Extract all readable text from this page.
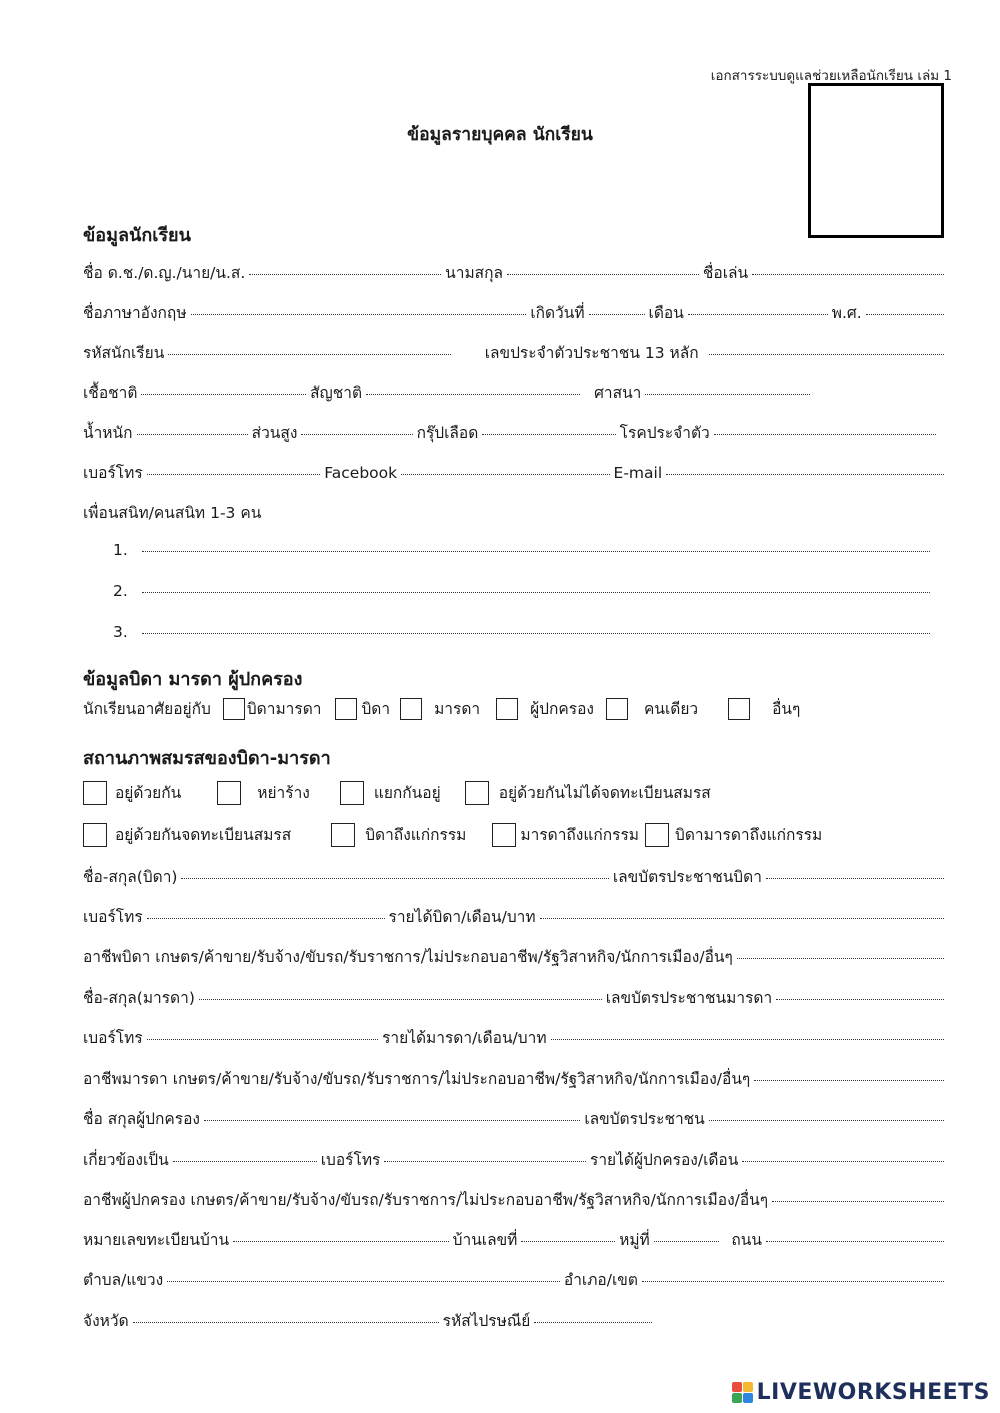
เอกสารระบบดูแลช่วยเหลือนักเรียน เล่ม 1
ข้อมูลรายบุคคล นักเรียน
ข้อมูลนักเรียน
ชื่อ ด.ช./ด.ญ./นาย/น.ส.	นามสกุล	ชื่อเล่น
ชื่อภาษาอังกฤษ	เกิดวันที่	เดือน	พ.ศ.
รหัสนักเรียน	เลขประจำตัวประชาชน 13 หลัก
เชื้อชาติ	สัญชาติ	ศาสนา
น้ำหนัก	ส่วนสูง	กรุ๊ปเลือด	โรคประจำตัว
เบอร์โทร	Facebook	E-mail
เพื่อนสนิท/คนสนิท 1-3 คน
1.
2.
3.
ข้อมูลบิดา มารดา ผู้ปกครอง
นักเรียนอาศัยอยู่กับ บิดามารดา	บิดา	มารดา	ผู้ปกครอง	คนเดียว	อื่นๆ
สถานภาพสมรสของบิดา-มารดา
อยู่ด้วยกัน	หย่าร้าง	แยกกันอยู่	อยู่ด้วยกันไม่ได้จดทะเบียนสมรส
อยู่ด้วยกันจดทะเบียนสมรส	บิดาถึงแก่กรรม	มารดาถึงแก่กรรม บิดามารดาถึงแก่กรรม
ชื่อ-สกุล(บิดา)	เลขบัตรประชาชนบิดา
เบอร์โทร	รายได้บิดา/เดือน/บาท
อาชีพบิดา เกษตร/ค้าขาย/รับจ้าง/ขับรถ/รับราชการ/ไม่ประกอบอาชีพ/รัฐวิสาหกิจ/นักการเมือง/อื่นๆ
ชื่อ-สกุล(มารดา)	เลขบัตรประชาชนมารดา
เบอร์โทร	รายได้มารดา/เดือน/บาท
อาชีพมารดา เกษตร/ค้าขาย/รับจ้าง/ขับรถ/รับราชการ/ไม่ประกอบอาชีพ/รัฐวิสาหกิจ/นักการเมือง/อื่นๆ
ชื่อ สกุลผู้ปกครอง	เลขบัตรประชาชน
เกี่ยวข้องเป็น	เบอร์โทร	รายได้ผู้ปกครอง/เดือน
อาชีพผู้ปกครอง เกษตร/ค้าขาย/รับจ้าง/ขับรถ/รับราชการ/ไม่ประกอบอาชีพ/รัฐวิสาหกิจ/นักการเมือง/อื่นๆ
หมายเลขทะเบียนบ้าน	บ้านเลขที่	หมู่ที่	ถนน
ตำบล/แขวง	อำเภอ/เขต
จังหวัด	รหัสไปรษณีย์
LIVEWORKSHEETS
